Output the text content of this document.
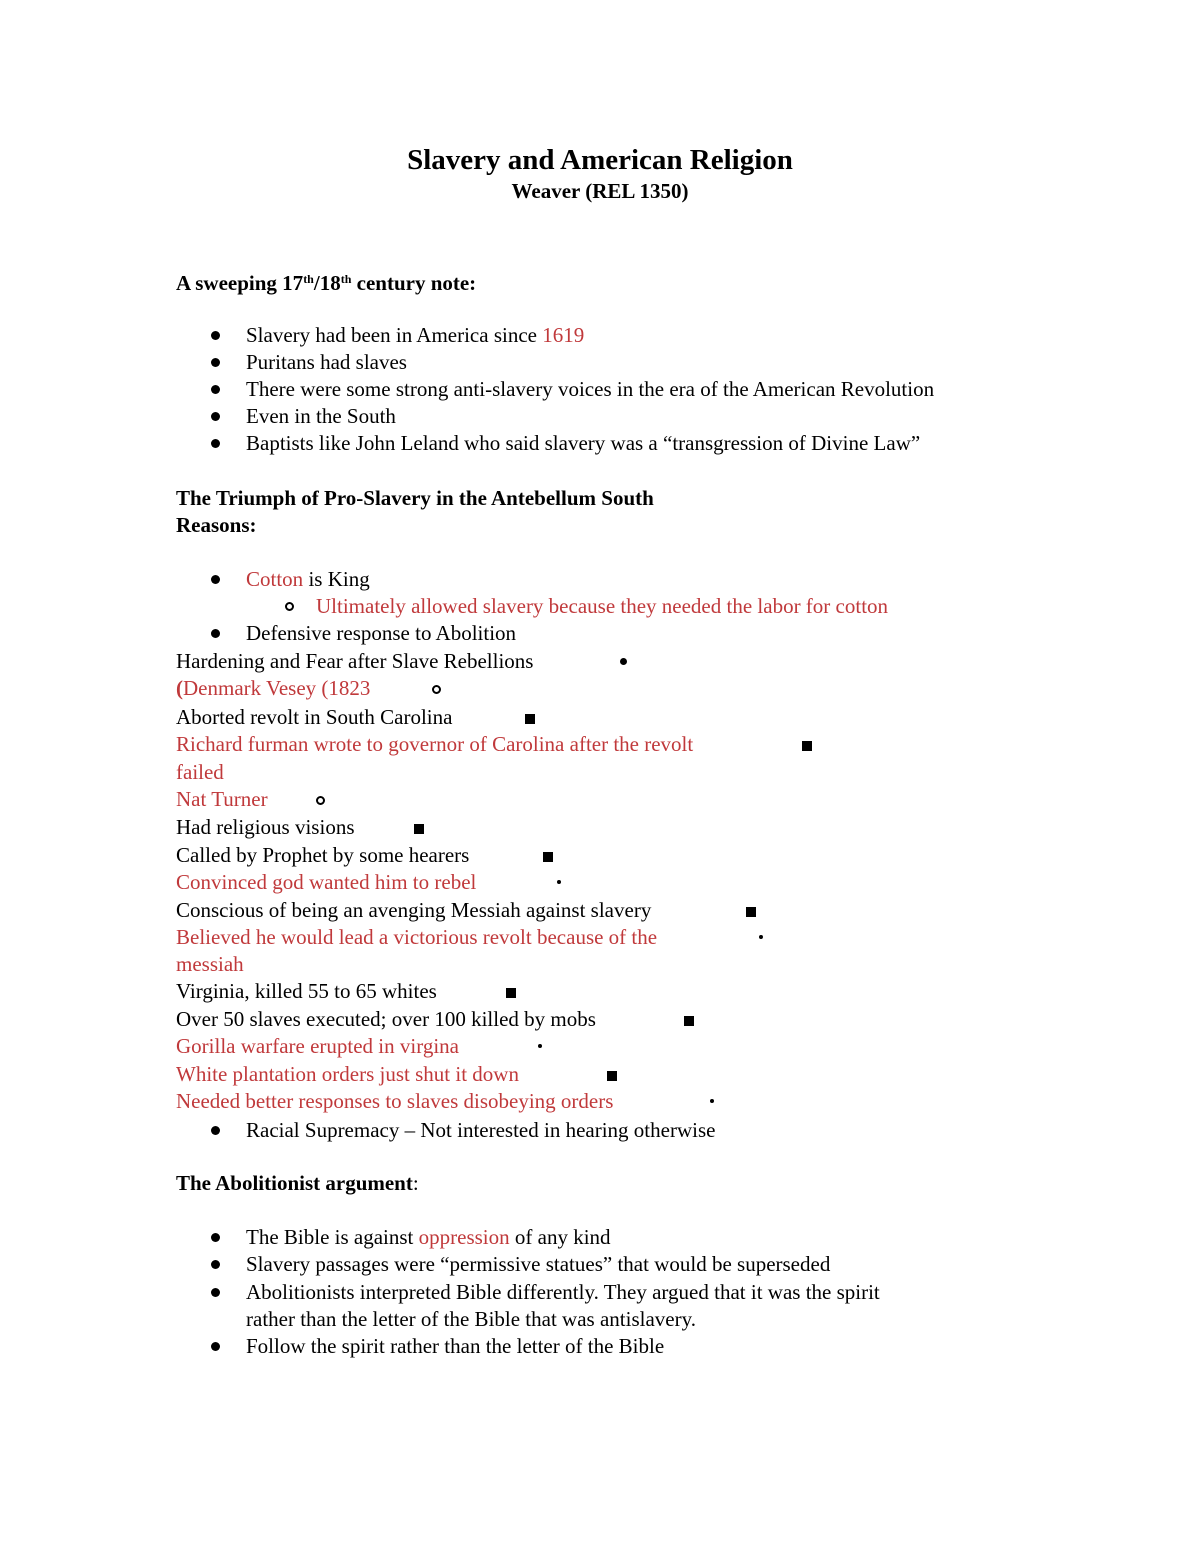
Slavery and American Religion
Weaver (REL 1350)
A sweeping 17th/18th century note:
Slavery had been in America since 1619
Puritans had slaves
There were some strong anti-slavery voices in the era of the American Revolution
Even in the South
Baptists like John Leland who said slavery was a “transgression of Divine Law”
The Triumph of Pro-Slavery in the Antebellum South
Reasons:
Cotton is King
Ultimately allowed slavery because they needed the labor for cotton
Defensive response to Abolition
Hardening and Fear after Slave Rebellions
(Denmark Vesey (1823
Aborted revolt in South Carolina
Richard furman wrote to governor of Carolina after the revolt
failed
Nat Turner
Had religious visions
Called by Prophet by some hearers
Convinced god wanted him to rebel
Conscious of being an avenging Messiah against slavery
Believed he would lead a victorious revolt because of the
messiah
Virginia, killed 55 to 65 whites
Over 50 slaves executed; over 100 killed by mobs
Gorilla warfare erupted in virgina
White plantation orders just shut it down
Needed better responses to slaves disobeying orders
Racial Supremacy – Not interested in hearing otherwise
The Abolitionist argument:
The Bible is against oppression of any kind
Slavery passages were “permissive statues” that would be superseded
Abolitionists interpreted Bible differently. They argued that it was the spirit
rather than the letter of the Bible that was antislavery.
Follow the spirit rather than the letter of the Bible
